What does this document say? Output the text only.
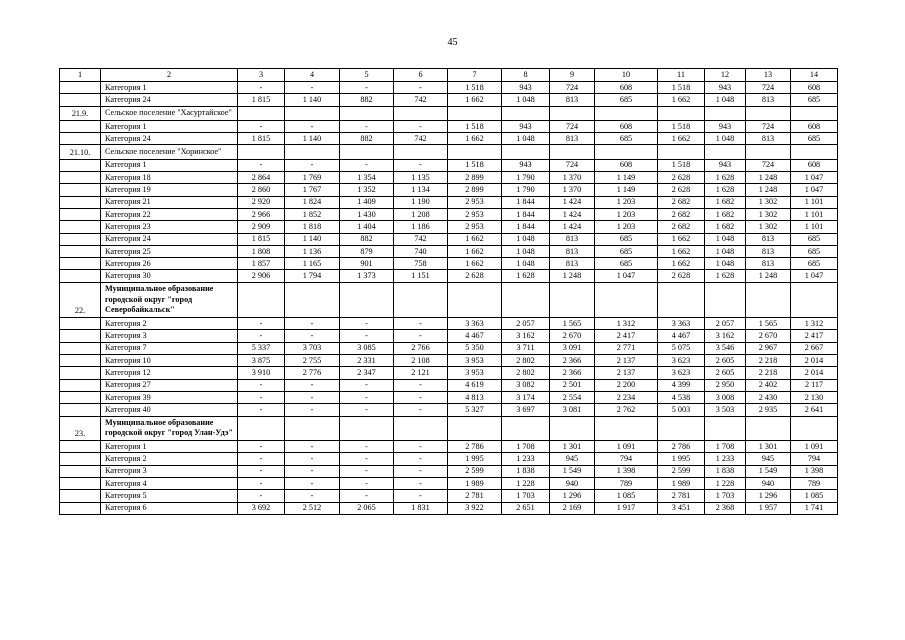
45
1	2	3	4	5	6	7	8	9	10	11	12	13	14
	Категория 1	-	-	-	-	1 518	943	724	608	1 518	943	724	608
	Категория 24	1 815	1 140	882	742	1 662	1 048	813	685	1 662	1 048	813	685
21.9.	Сельское поселение "Хасуртайское"												
	Категория 1	-	-	-	-	1 518	943	724	608	1 518	943	724	608
	Категория 24	1 815	1 140	882	742	1 662	1 048	813	685	1 662	1 048	813	685
21.10.	Сельское поселение "Хоринское"												
	Категория 1	-	-	-	-	1 518	943	724	608	1 518	943	724	608
	Категория 18	2 864	1 769	1 354	1 135	2 899	1 790	1 370	1 149	2 628	1 628	1 248	1 047
	Категория 19	2 860	1 767	1 352	1 134	2 899	1 790	1 370	1 149	2 628	1 628	1 248	1 047
	Категория 21	2 920	1 824	1 409	1 190	2 953	1 844	1 424	1 203	2 682	1 682	1 302	1 101
	Категория 22	2 966	1 852	1 430	1 208	2 953	1 844	1 424	1 203	2 682	1 682	1 302	1 101
	Категория 23	2 909	1 818	1 404	1 186	2 953	1 844	1 424	1 203	2 682	1 682	1 302	1 101
	Категория 24	1 815	1 140	882	742	1 662	1 048	813	685	1 662	1 048	813	685
	Категория 25	1 808	1 136	879	740	1 662	1 048	813	685	1 662	1 048	813	685
	Категория 26	1 857	1 165	901	758	1 662	1 048	813	685	1 662	1 048	813	685
	Категория 30	2 906	1 794	1 373	1 151	2 628	1 628	1 248	1 047	2 628	1 628	1 248	1 047
22.	Муниципальное образование городской округ "город Северобайкальск"												
	Категория 2	-	-	-	-	3 363	2 057	1 565	1 312	3 363	2 057	1 565	1 312
	Категория 3	-	-	-	-	4 467	3 162	2 670	2 417	4 467	3 162	2 670	2 417
	Категория 7	5 337	3 703	3 085	2 766	5 350	3 711	3 091	2 771	5 075	3 546	2 967	2 667
	Категория 10	3 875	2 755	2 331	2 108	3 953	2 802	2 366	2 137	3 623	2 605	2 218	2 014
	Категория 12	3 910	2 776	2 347	2 121	3 953	2 802	2 366	2 137	3 623	2 605	2 218	2 014
	Категория 27	-	-	-	-	4 619	3 082	2 501	2 200	4 399	2 950	2 402	2 117
	Категория 39	-	-	-	-	4 813	3 174	2 554	2 234	4 538	3 008	2 430	2 130
	Категория 40	-	-	-	-	5 327	3 697	3 081	2 762	5 003	3 503	2 935	2 641
23.	Муниципальное образование городской округ "город Улан-Удэ"												
	Категория 1	-	-	-	-	2 786	1 708	1 301	1 091	2 786	1 708	1 301	1 091
	Категория 2	-	-	-	-	1 995	1 233	945	794	1 995	1 233	945	794
	Категория 3	-	-	-	-	2 599	1 838	1 549	1 398	2 599	1 838	1 549	1 398
	Категория 4	-	-	-	-	1 989	1 228	940	789	1 989	1 228	940	789
	Категория 5	-	-	-	-	2 781	1 703	1 296	1 085	2 781	1 703	1 296	1 085
	Категория 6	3 692	2 512	2 065	1 831	3 922	2 651	2 169	1 917	3 451	2 368	1 957	1 741
